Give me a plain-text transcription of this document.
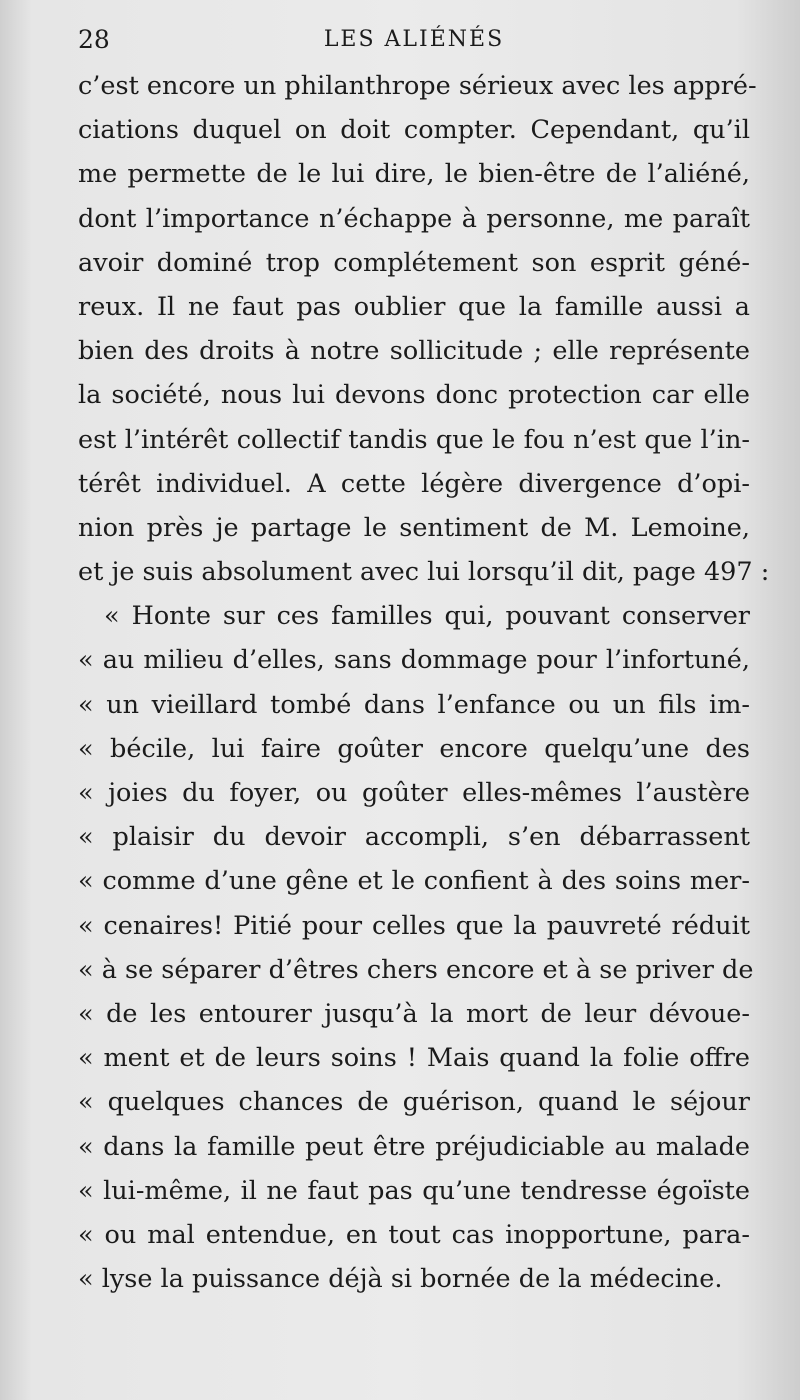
28	LES ALIÉNÉS
c’est encore un philanthrope sérieux avec les appré-
ciations duquel on doit compter. Cependant, qu’il
me permette de le lui dire, le bien-être de l’aliéné,
dont l’importance n’échappe à personne, me paraît
avoir dominé trop complétement son esprit géné-
reux. Il ne faut pas oublier que la famille aussi a
bien des droits à notre sollicitude ; elle représente
la société, nous lui devons donc protection car elle
est l’intérêt collectif tandis que le fou n’est que l’in-
térêt individuel. A cette légère divergence d’opi-
nion près je partage le sentiment de M. Lemoine,
et je suis absolument avec lui lorsqu’il dit, page 497 :
« Honte sur ces familles qui, pouvant conserver
« au milieu d’elles, sans dommage pour l’infortuné,
« un vieillard tombé dans l’enfance ou un fils im-
« bécile, lui faire goûter encore quelqu’une des
« joies du foyer, ou goûter elles-mêmes l’austère
« plaisir du devoir accompli, s’en débarrassent
« comme d’une gêne et le confient à des soins mer-
« cenaires! Pitié pour celles que la pauvreté réduit
« à se séparer d’êtres chers encore et à se priver de
« de les entourer jusqu’à la mort de leur dévoue-
« ment et de leurs soins ! Mais quand la folie offre
« quelques chances de guérison, quand le séjour
« dans la famille peut être préjudiciable au malade
« lui-même, il ne faut pas qu’une tendresse égoïste
« ou mal entendue, en tout cas inopportune, para-
« lyse la puissance déjà si bornée de la médecine.
